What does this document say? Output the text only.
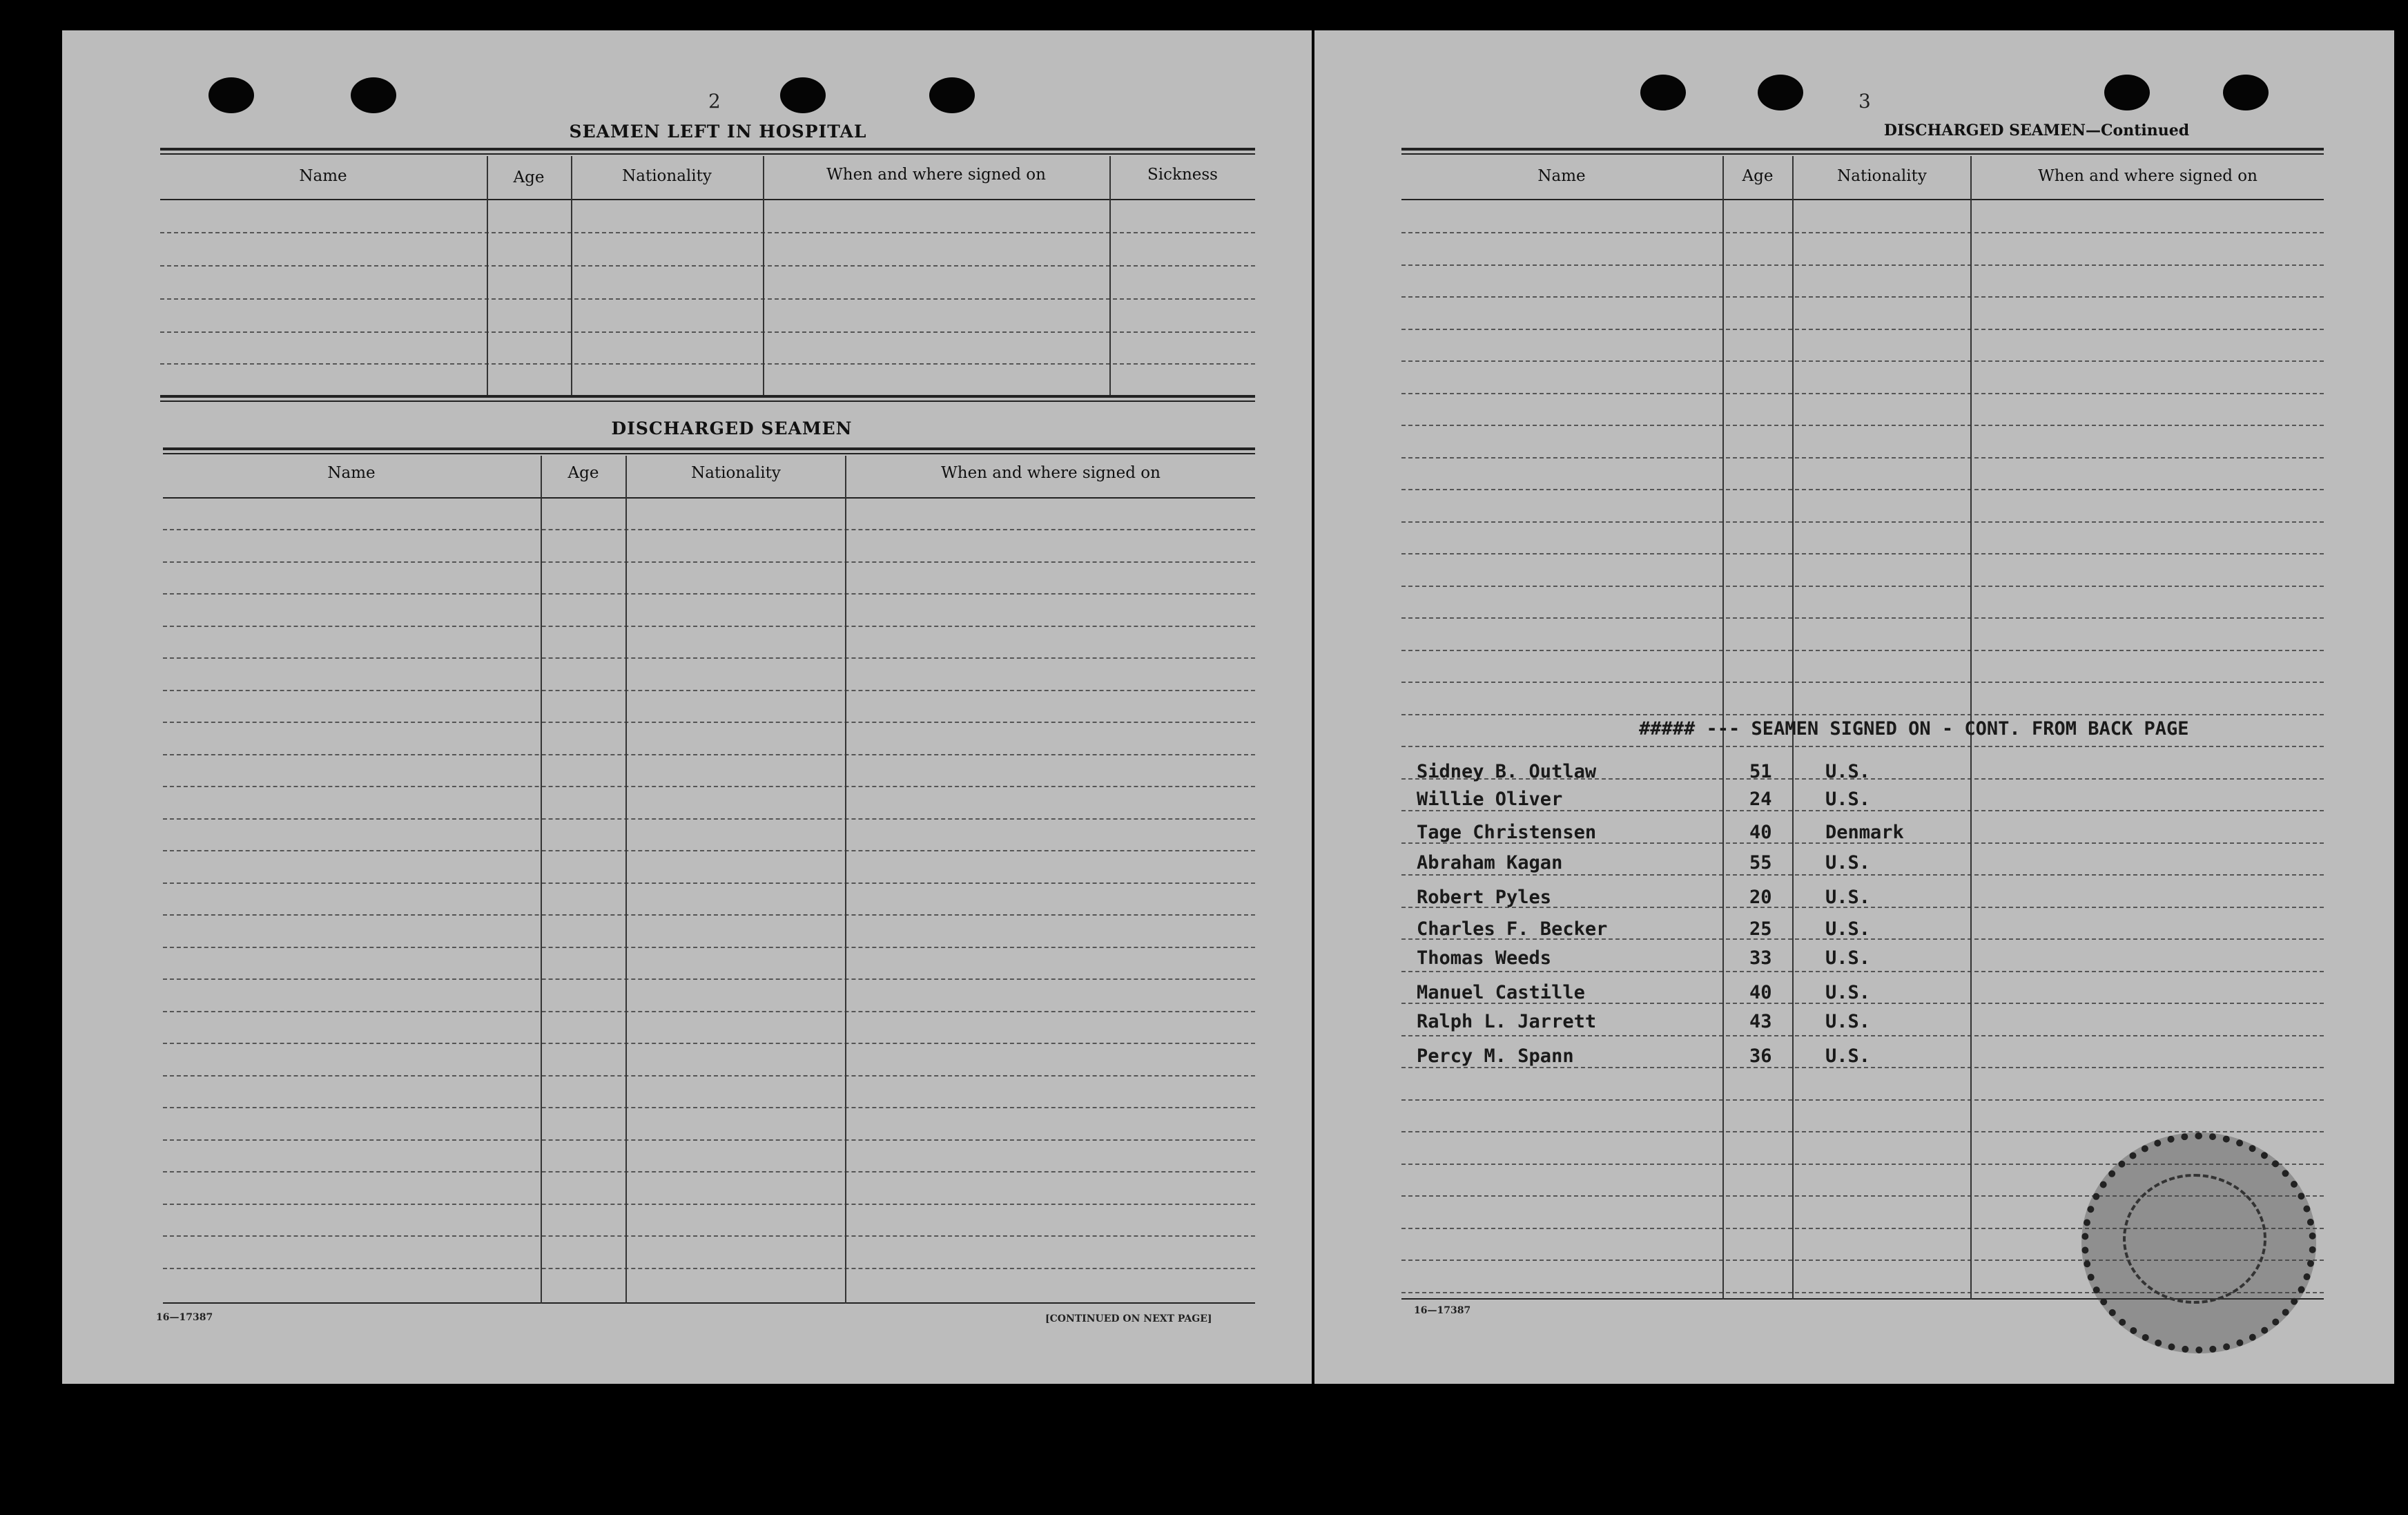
2	3
SEAMEN LEFT IN HOSPITAL
Name	Age	Nationality	When and where signed on	Sickness
DISCHARGED SEAMEN
Name	Age	Nationality	When and where signed on
16—17387	[CONTINUED ON NEXT PAGE]
DISCHARGED SEAMEN—Continued
Name	Age	Nationality	When and where signed on
##### --- SEAMEN SIGNED ON - CONT. FROM BACK PAGE
Sidney B. Outlaw	51	U.S.
Willie Oliver	24	U.S.
Tage Christensen	40	Denmark
Abraham Kagan	55	U.S.
Robert Pyles	20	U.S.
Charles F. Becker	25	U.S.
Thomas Weeds	33	U.S.
Manuel Castille	40	U.S.
Ralph L. Jarrett	43	U.S.
Percy M. Spann	36	U.S.
16—17387
